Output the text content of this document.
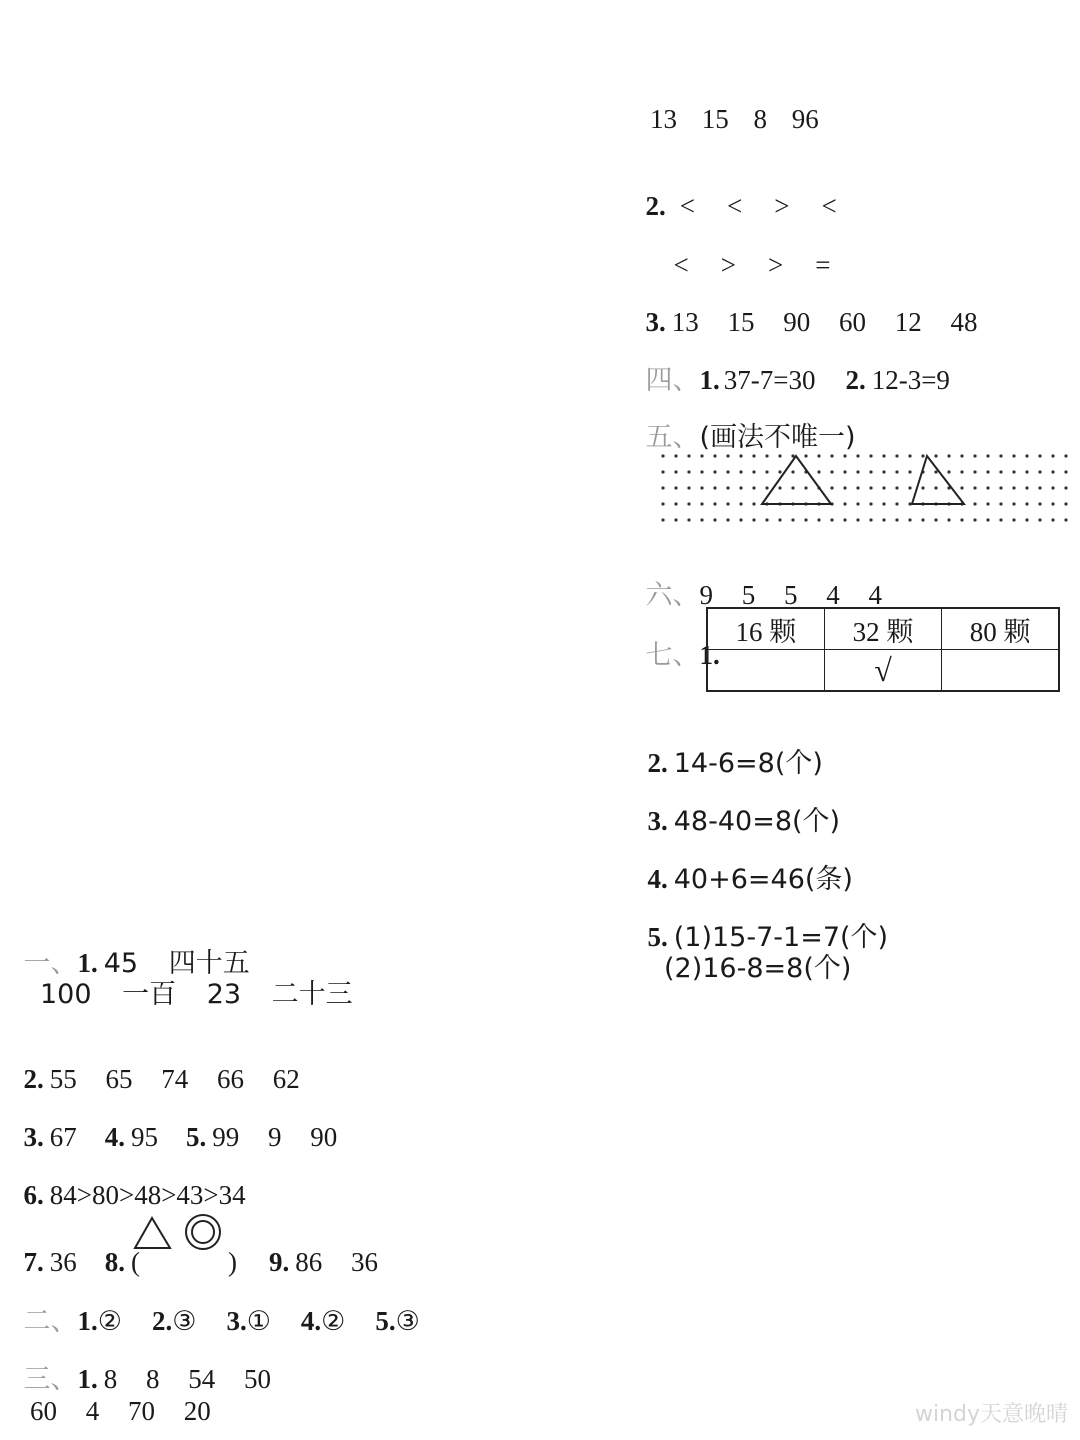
13 15 8 96

2. < < > <

< > > =

3. 13 15 90 60 12 48

四、1. 37-7=30 2. 12-3=9

五、(画法不唯一)

六、9 5 5 4 4

七、1.

16 颗	32 颗	80 颗
	√	

2. 14-6=8(个)

3. 48-40=8(个)

4. 40+6=46(条)

5. (1)15-7-1=7(个)

(2)16-8=8(个)

一、1. 45 四十五

100 一百 23 二十三

2. 55 65 74 66 62

3. 67 4. 95 5. 99 9 90

6. 84>80>48>43>34

7. 36 8. (	) 9. 86 36

二、1.② 2.③ 3.① 4.② 5.③

三、1. 8 8 54 50

60 4 70 20	windy天意晚晴
